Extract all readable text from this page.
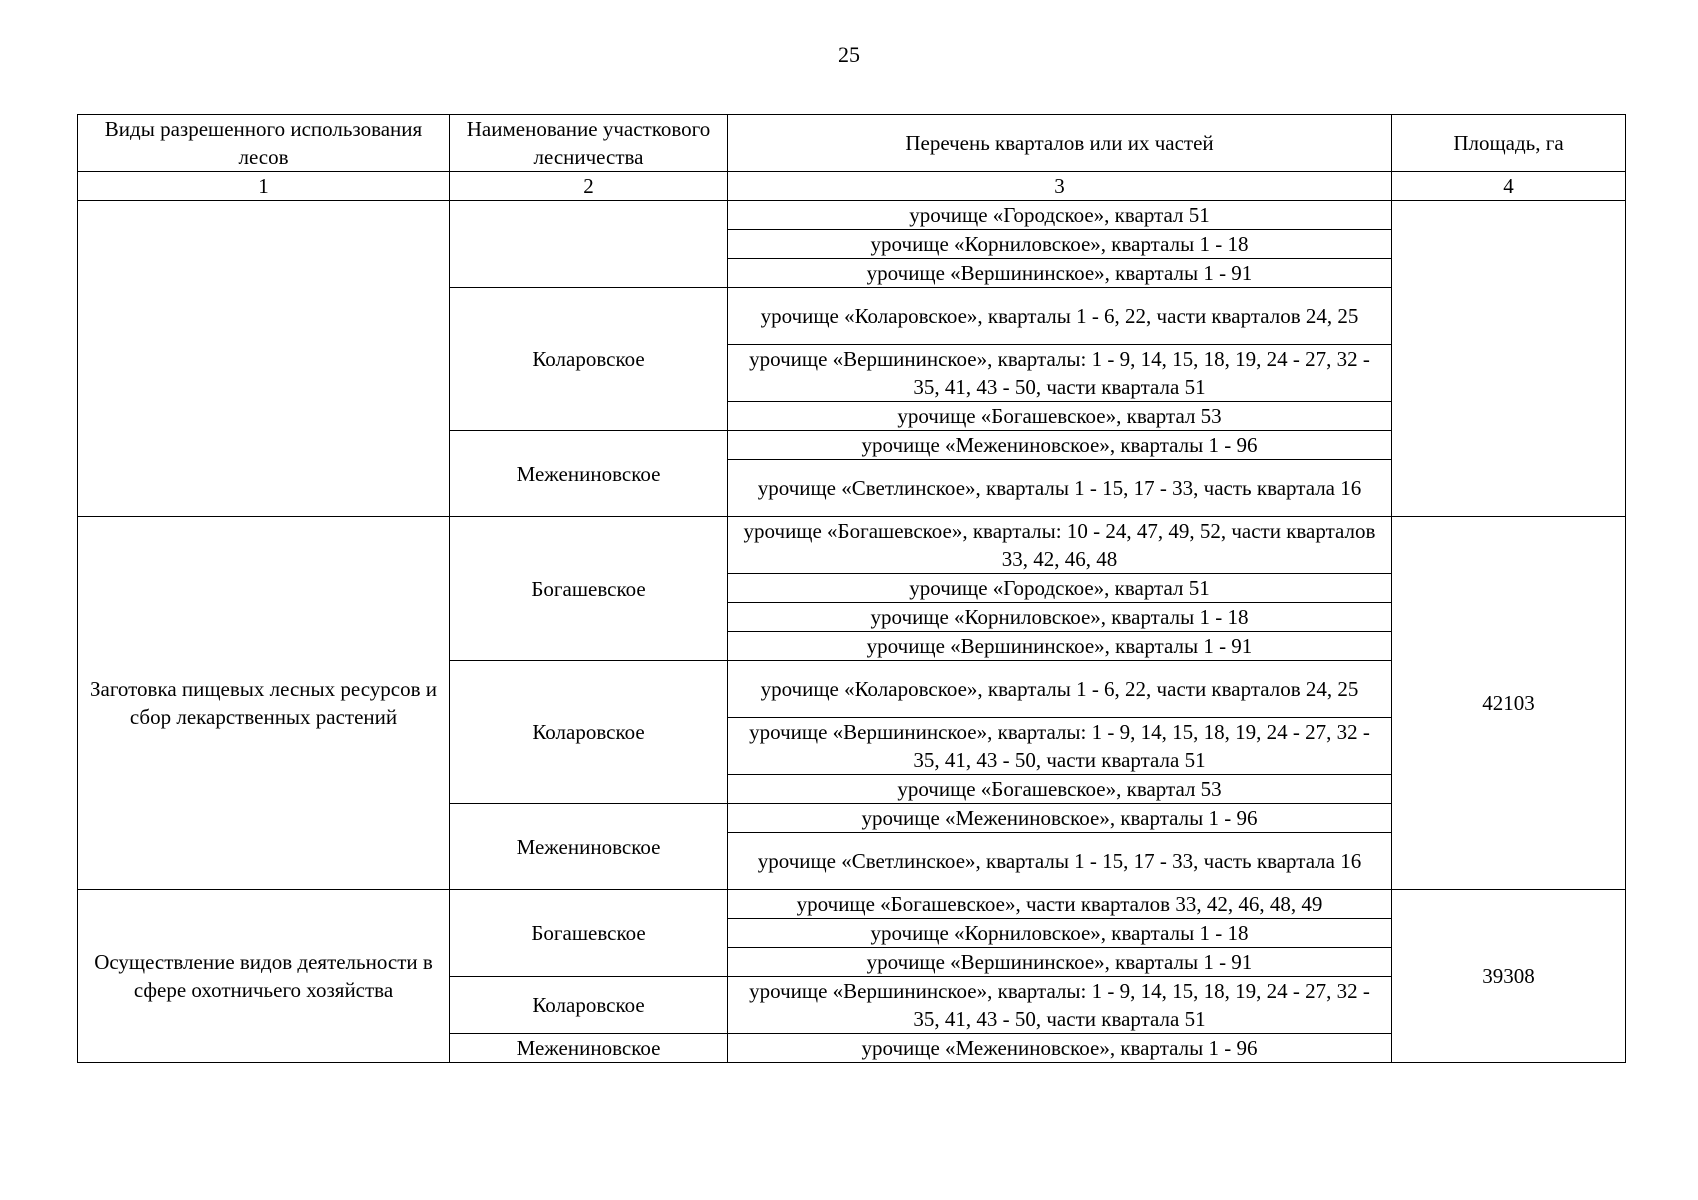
25
Виды разрешенного использования лесов	Наименование участкового лесничества	Перечень кварталов или их частей	Площадь, га
1	2	3	4
		урочище «Городское», квартал 51	
		урочище «Корниловское», кварталы 1 - 18	
		урочище «Вершининское», кварталы 1 - 91	
	Коларовское	урочище «Коларовское», кварталы 1 - 6, 22, части кварталов 24, 25	
		урочище «Вершининское», кварталы: 1 - 9, 14, 15, 18, 19, 24 - 27, 32 - 35, 41, 43 - 50, части квартала 51	
		урочище «Богашевское», квартал 53	
	Межениновское	урочище «Межениновское», кварталы 1 - 96	
		урочище «Светлинское», кварталы 1 - 15, 17 - 33, часть квартала 16	
Заготовка пищевых лесных ресурсов и сбор лекарственных растений	Богашевское	урочище «Богашевское», кварталы: 10 - 24, 47, 49, 52, части кварталов 33, 42, 46, 48	42103
		урочище «Городское», квартал 51	
		урочище «Корниловское», кварталы 1 - 18	
		урочище «Вершининское», кварталы 1 - 91	
	Коларовское	урочище «Коларовское», кварталы 1 - 6, 22, части кварталов 24, 25	
		урочище «Вершининское», кварталы: 1 - 9, 14, 15, 18, 19, 24 - 27, 32 - 35, 41, 43 - 50, части квартала 51	
		урочище «Богашевское», квартал 53	
	Межениновское	урочище «Межениновское», кварталы 1 - 96	
		урочище «Светлинское», кварталы 1 - 15, 17 - 33, часть квартала 16	
Осуществление видов деятельности в сфере охотничьего хозяйства	Богашевское	урочище «Богашевское», части кварталов 33, 42, 46, 48, 49	39308
		урочище «Корниловское», кварталы 1 - 18	
		урочище «Вершининское», кварталы 1 - 91	
	Коларовское	урочище «Вершининское», кварталы: 1 - 9, 14, 15, 18, 19, 24 - 27, 32 - 35, 41, 43 - 50, части квартала 51	
	Межениновское	урочище «Межениновское», кварталы 1 - 96	
